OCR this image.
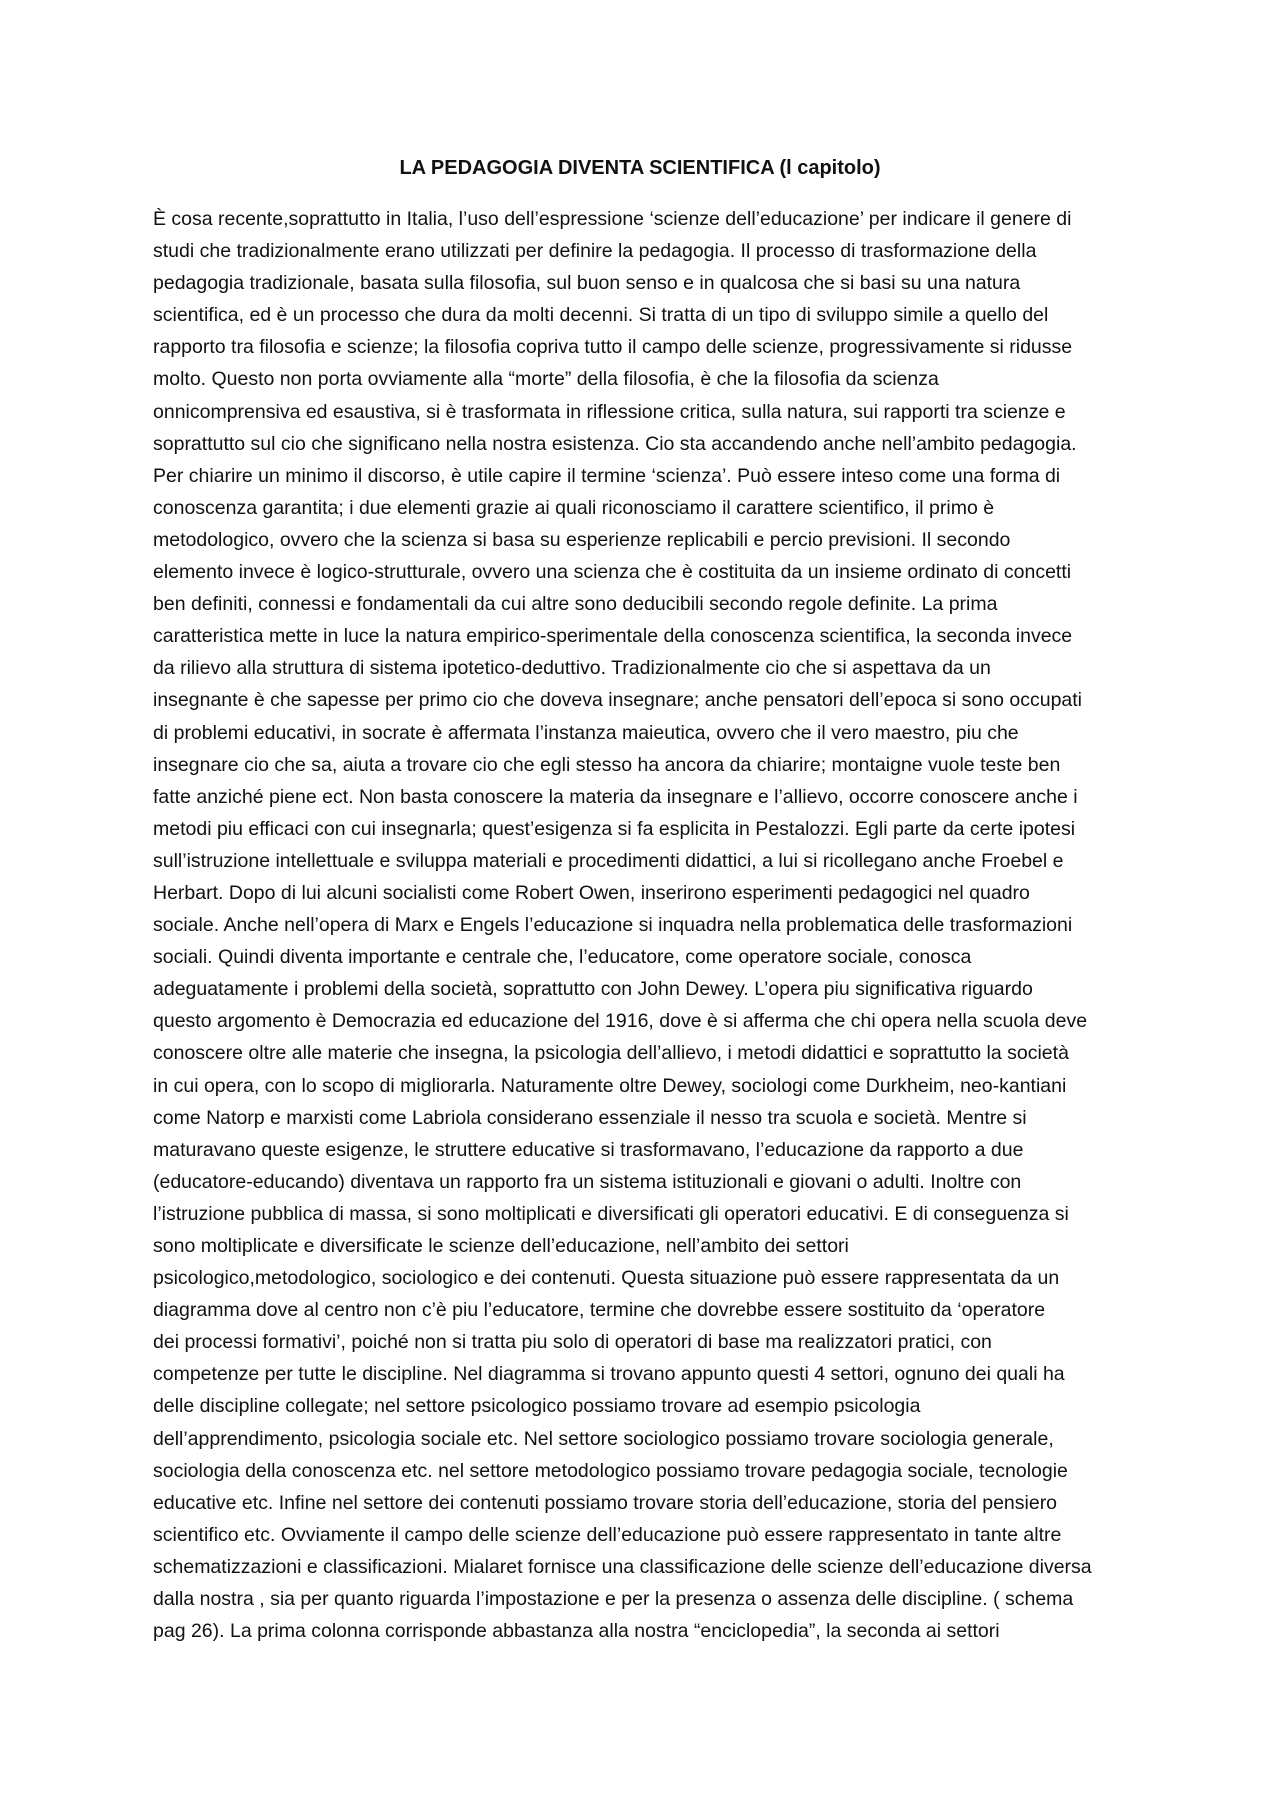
LA PEDAGOGIA DIVENTA SCIENTIFICA (l capitolo)
È cosa recente,soprattutto in Italia, l’uso dell’espressione ‘scienze dell’educazione’ per indicare il genere di
studi che tradizionalmente erano utilizzati per definire la pedagogia. Il processo di trasformazione della
pedagogia tradizionale, basata sulla filosofia, sul buon senso e in qualcosa che si basi su una natura
scientifica, ed è un processo che dura da molti decenni. Si tratta di un tipo di sviluppo simile a quello del
rapporto tra filosofia e scienze; la filosofia copriva tutto il campo delle scienze, progressivamente si ridusse
molto. Questo non porta ovviamente alla “morte” della filosofia, è che la filosofia da scienza
onnicomprensiva ed esaustiva, si è trasformata in riflessione critica, sulla natura, sui rapporti tra scienze e
soprattutto sul cio che significano nella nostra esistenza. Cio sta accandendo anche nell’ambito pedagogia.
Per chiarire un minimo il discorso, è utile capire il termine ‘scienza’. Può essere inteso come una forma di
conoscenza garantita; i due elementi grazie ai quali riconosciamo il carattere scientifico, il primo è
metodologico, ovvero che la scienza si basa su esperienze replicabili e percio previsioni. Il secondo
elemento invece è logico-strutturale, ovvero una scienza che è costituita da un insieme ordinato di concetti
ben definiti, connessi e fondamentali da cui altre sono deducibili secondo regole definite. La prima
caratteristica mette in luce la natura empirico-sperimentale della conoscenza scientifica, la seconda invece
da rilievo alla struttura di sistema ipotetico-deduttivo. Tradizionalmente cio che si aspettava da un
insegnante è che sapesse per primo cio che doveva insegnare; anche pensatori dell’epoca si sono occupati
di problemi educativi, in socrate è affermata l’instanza maieutica, ovvero che il vero maestro, piu che
insegnare cio che sa, aiuta a trovare cio che egli stesso ha ancora da chiarire; montaigne vuole teste ben
fatte anziché piene ect. Non basta conoscere la materia da insegnare e l’allievo, occorre conoscere anche i
metodi piu efficaci con cui insegnarla; quest’esigenza si fa esplicita in Pestalozzi. Egli parte da certe ipotesi
sull’istruzione intellettuale e sviluppa materiali e procedimenti didattici, a lui si ricollegano anche Froebel e
Herbart. Dopo di lui alcuni socialisti come Robert Owen, inserirono esperimenti pedagogici nel quadro
sociale. Anche nell’opera di Marx e Engels l’educazione si inquadra nella problematica delle trasformazioni
sociali. Quindi diventa importante e centrale che, l’educatore, come operatore sociale, conosca
adeguatamente i problemi della società, soprattutto con John Dewey. L’opera piu significativa riguardo
questo argomento è Democrazia ed educazione del 1916, dove è si afferma che chi opera nella scuola deve
conoscere oltre alle materie che insegna, la psicologia dell’allievo, i metodi didattici e soprattutto la società
in cui opera, con lo scopo di migliorarla. Naturamente oltre Dewey, sociologi come Durkheim, neo-kantiani
come Natorp e marxisti come Labriola considerano essenziale il nesso tra scuola e società. Mentre si
maturavano queste esigenze, le struttere educative si trasformavano, l’educazione da rapporto a due
(educatore-educando) diventava un rapporto fra un sistema istituzionali e giovani o adulti. Inoltre con
l’istruzione pubblica di massa, si sono moltiplicati e diversificati gli operatori educativi. E di conseguenza si
sono moltiplicate e diversificate le scienze dell’educazione, nell’ambito dei settori
psicologico,metodologico, sociologico e dei contenuti. Questa situazione può essere rappresentata da un
diagramma dove al centro non c’è piu l’educatore, termine che dovrebbe essere sostituito da ‘operatore
dei processi formativi’, poiché non si tratta piu solo di operatori di base ma realizzatori pratici, con
competenze per tutte le discipline. Nel diagramma si trovano appunto questi 4 settori, ognuno dei quali ha
delle discipline collegate; nel settore psicologico possiamo trovare ad esempio psicologia
dell’apprendimento, psicologia sociale etc. Nel settore sociologico possiamo trovare sociologia generale,
sociologia della conoscenza etc. nel settore metodologico possiamo trovare pedagogia sociale, tecnologie
educative etc. Infine nel settore dei contenuti possiamo trovare storia dell’educazione, storia del pensiero
scientifico etc. Ovviamente il campo delle scienze dell’educazione può essere rappresentato in tante altre
schematizzazioni e classificazioni. Mialaret fornisce una classificazione delle scienze dell’educazione diversa
dalla nostra , sia per quanto riguarda l’impostazione e per la presenza o assenza delle discipline. ( schema
pag 26). La prima colonna corrisponde abbastanza alla nostra “enciclopedia”, la seconda ai settori
